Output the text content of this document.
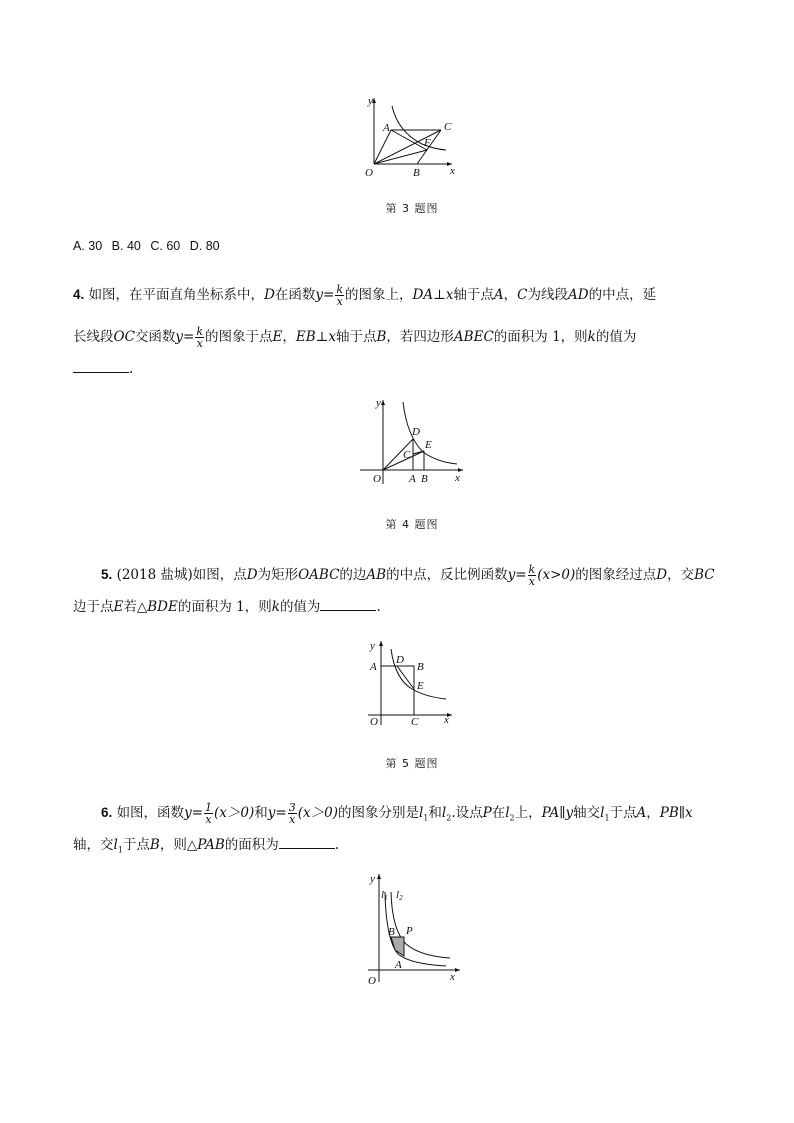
y
x
O
A
B
C
F
第 3 题图
A. 30 B. 40 C. 60 D. 80
4. 如图，在平面直角坐标系中，D在函数$y= \frac{k}{x}$ 的图象上，DA⊥x轴于点A，C为线段AD的中点，延
长线段OC交函数$y= \frac{k}{x}$ 的图象于点E，EB⊥x轴于点B，若四边形ABEC的面积为 1，则k的值为
.
y
x
O	A B
C
D
E
第 4 题图
5. (2018 盐城)如图，点D为矩形OABC的边AB的中点，反比例函数$y= \frac{k}{x} (x>0)$的图象经过点D，交BC
边于点E若△BDE的面积为 1，则k的值为	.
y
x
O
A	B
C
D
E
第 5 题图
6. 如图，函数$y= \frac{1}{x} (x>0)$和$y= \frac{3}{x} (x>0)$的图象分别是$l_1$和$l_2$.设点P在$l_2$上，PA∥y轴交$l_1$于点A，PB∥x
轴，交$l_1$于点B，则△PAB的面积为	.
y
x
O
A
B P
l1 l2
